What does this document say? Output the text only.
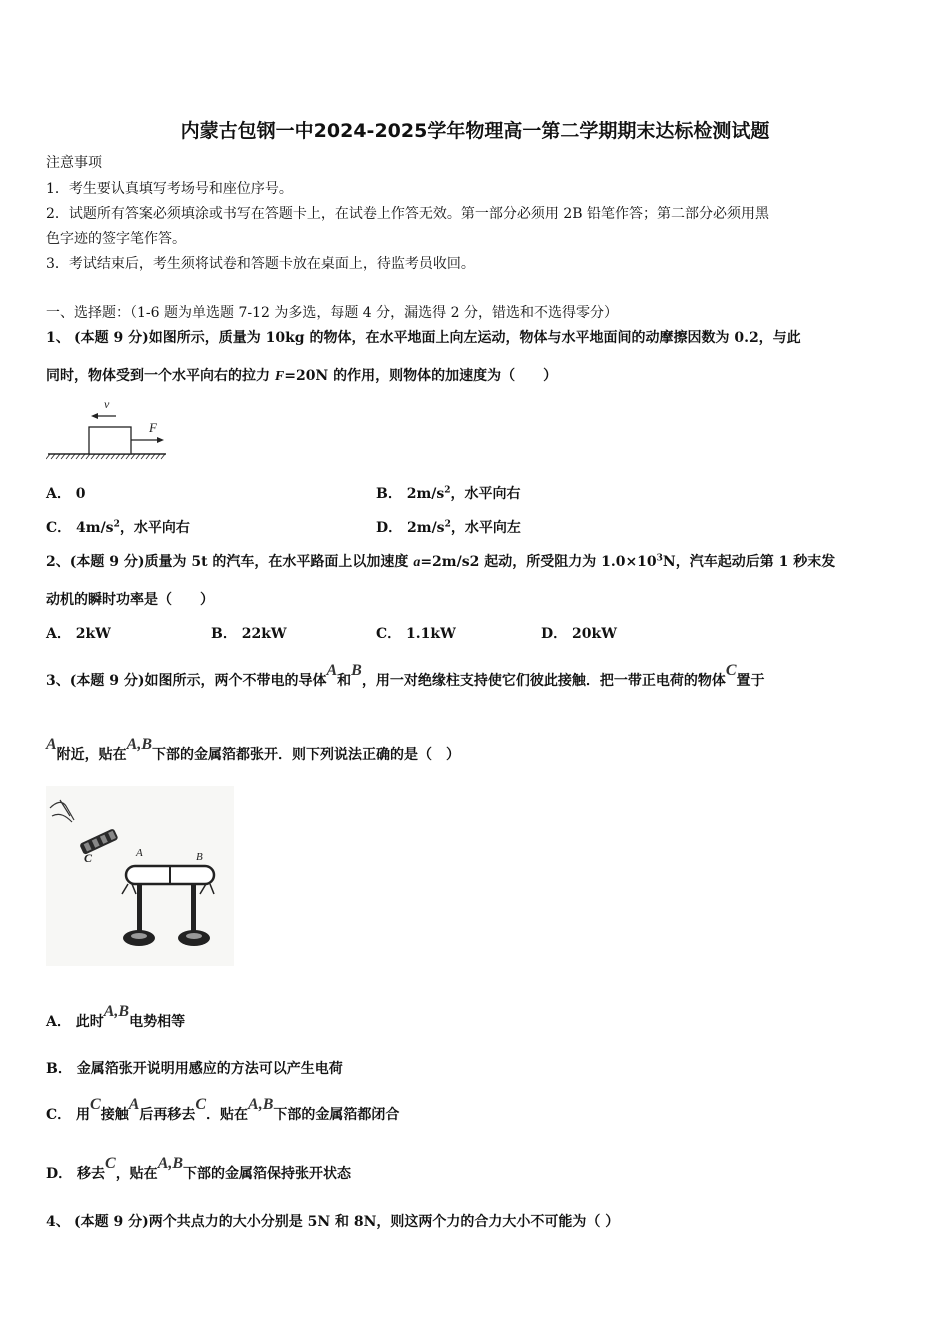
内蒙古包钢一中2024-2025学年物理高一第二学期期末达标检测试题
注意事项
1．考生要认真填写考场号和座位序号。
2．试题所有答案必须填涂或书写在答题卡上，在试卷上作答无效。第一部分必须用 2B 铅笔作答；第二部分必须用黑
色字迹的签字笔作答。
3．考试结束后，考生须将试卷和答题卡放在桌面上，待监考员收回。
一、选择题：（1-6 题为单选题 7-12 为多选，每题 4 分，漏选得 2 分，错选和不选得零分）
1、 (本题 9 分)如图所示，质量为 10kg 的物体，在水平地面上向左运动，物体与水平地面间的动摩擦因数为 0.2，与此
同时，物体受到一个水平向右的拉力 F=20N 的作用，则物体的加速度为（　　）
v
F
A． 0	B． $2m/s^2$，水平向右
C． $4m/s^2$，水平向右	D． $2m/s^2$，水平向左
2、(本题 9 分)质量为 5t 的汽车，在水平路面上以加速度 a=2m/s2 起动，所受阻力为 $1.0\times 10^3N$，汽车起动后第 1 秒末发
动机的瞬时功率是（　　）
A． 2kW	B． 22kW	C． 1.1kW	D． 20kW
3、(本题 9 分)如图所示，两个不带电的导体A和B，用一对绝缘柱支持使它们彼此接触．把一带正电荷的物体C置于
A附近，贴在A,B下部的金属箔都张开．则下列说法正确的是（　）
C	A	B
A． 此时A,B电势相等
B． 金属箔张开说明用感应的方法可以产生电荷
C． 用C接触A后再移去C．贴在A,B下部的金属箔都闭合
D． 移去C，贴在A,B下部的金属箔保持张开状态
4、 (本题 9 分)两个共点力的大小分别是 5N 和 8N，则这两个力的合力大小不可能为（ ）
